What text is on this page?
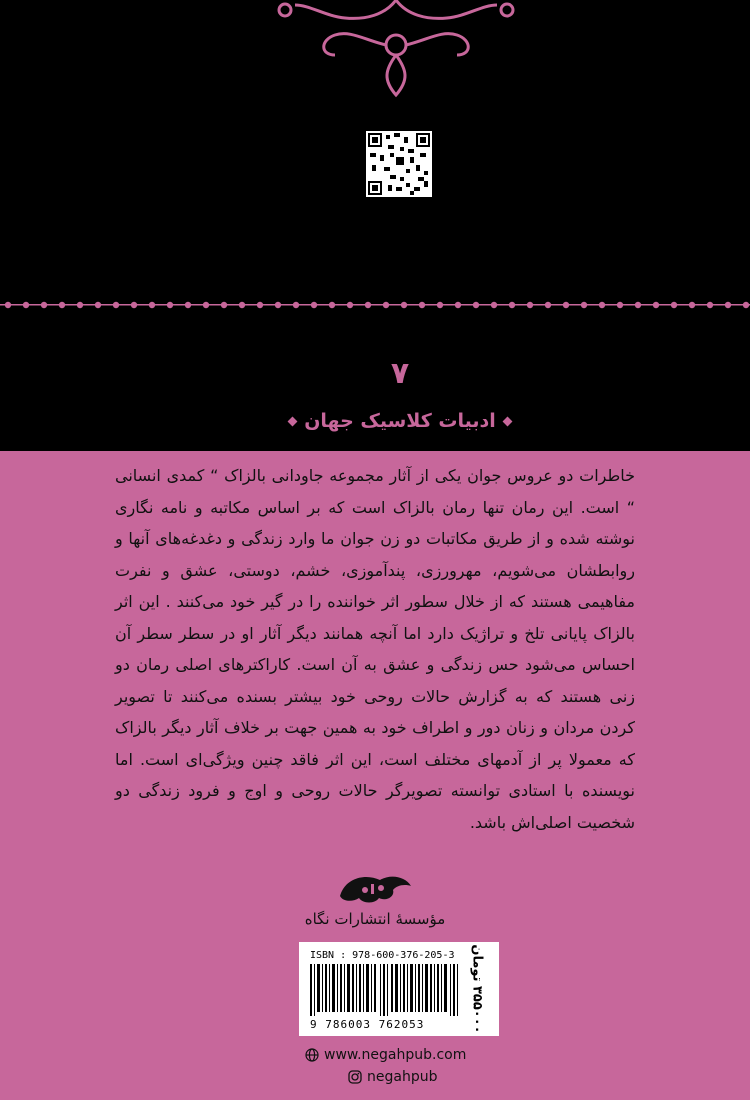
۷
ادبیات کلاسیک جهان
خاطرات دو عروس جوان یکی از آثار مجموعه جاودانی بالزاک “ کمدی انسانی “ است. این رمان تنها رمان بالزاک است که بر اساس مکاتبه و نامه نگاری نوشته شده و از طریق مکاتبات دو زن جوان ما وارد زندگی و دغدغه‌های آنها و روابطشان می‌شویم، مهرورزی، پندآموزی، خشم، دوستی، عشق و نفرت مفاهیمی هستند که از خلال سطور اثر خواننده را در گیر خود می‌کنند . این اثر بالزاک پایانی تلخ و تراژیک دارد اما آنچه همانند دیگر آثار او در سطر سطر آن احساس می‌شود حس زندگی و عشق به آن است. کاراکترهای اصلی رمان دو زنی هستند که به گزارش حالات روحی خود بیشتر بسنده می‌کنند تا تصویر کردن مردان و زنان دور و اطراف خود به همین جهت بر خلاف آثار دیگر بالزاک که معمولا پر از آدمهای مختلف است، این اثر فاقد چنین ویژگی‌ای است. اما نویسنده با استادی توانسته تصویرگر حالات روحی و اوج و فرود زندگی دو شخصیت اصلی‌اش باشد.
مؤسسهٔ انتشارات نگاه
ISBN : 978-600-376-205-3
9 786003 762053
۳۵۵۰۰۰ تومان
www.negahpub.com
negahpub
